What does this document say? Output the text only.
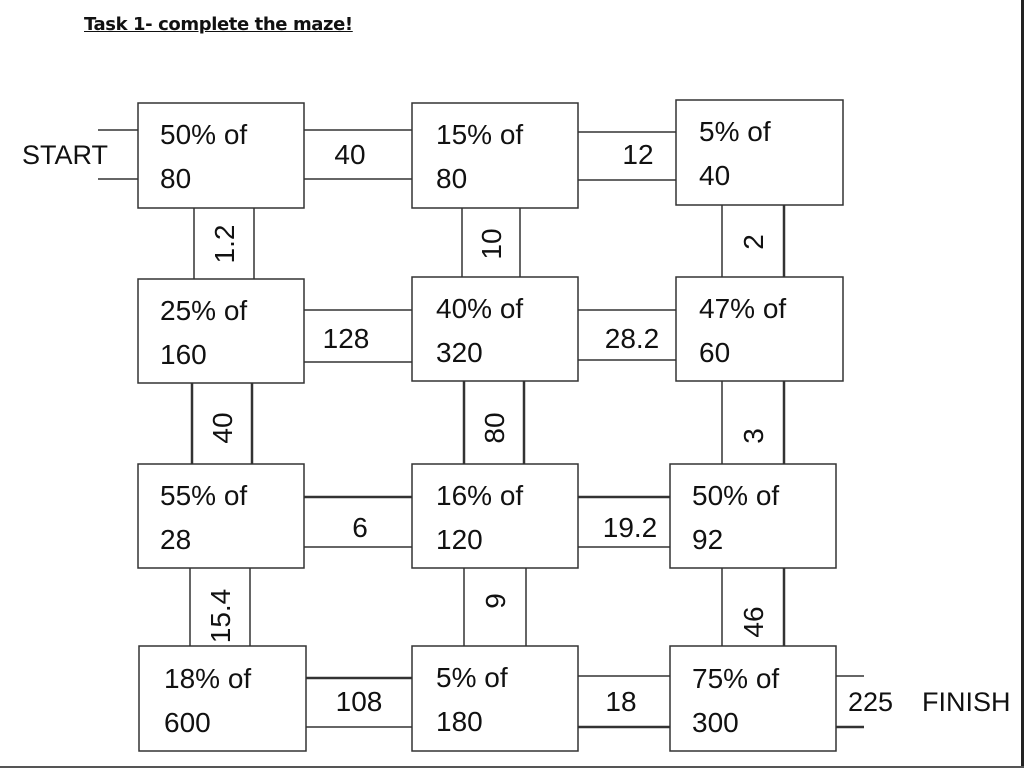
Task 1- complete the maze!
50% of
80
15% of
80
5% of
40
25% of
160
40% of
320
47% of
60
55% of
28
16% of
120
50% of
92
18% of
600
5% of
180
75% of
300
40	12
128	28.2
6	19.2
108	18
1.2	10	2
40	80	3
15.4	9
46
START
225 FINISH
